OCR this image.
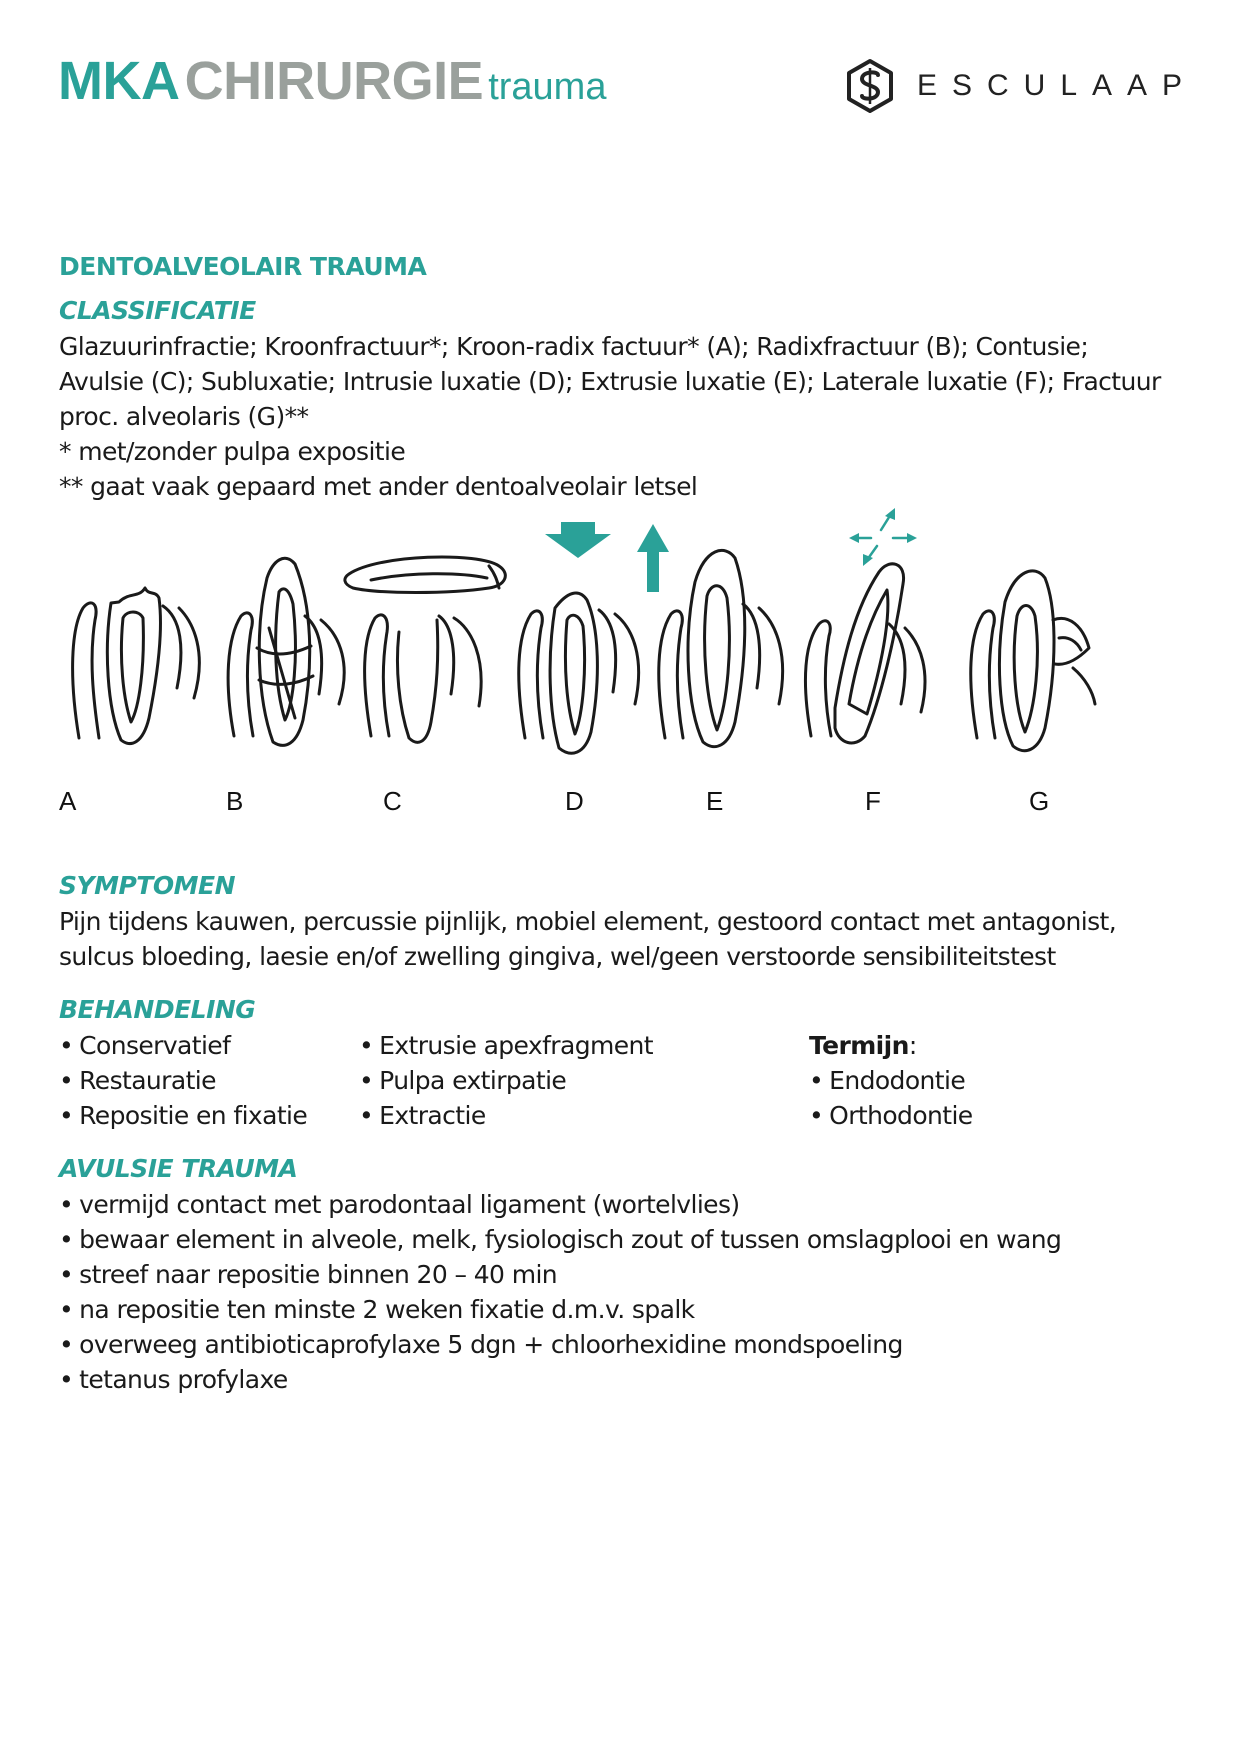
MKA CHIRURGIE trauma	ESCULAAP
DENTOALVEOLAIR TRAUMA
CLASSIFICATIE
Glazuurinfractie; Kroonfractuur*; Kroon-radix factuur* (A); Radixfractuur (B); Contusie;
Avulsie (C); Subluxatie; Intrusie luxatie (D); Extrusie luxatie (E); Laterale luxatie (F); Fractuur
proc. alveolaris (G)**
* met/zonder pulpa expositie
** gaat vaak gepaard met ander dentoalveolair letsel
A	B	C	D	E	F	G
SYMPTOMEN
Pijn tijdens kauwen, percussie pijnlijk, mobiel element, gestoord contact met antagonist,
sulcus bloeding, laesie en/of zwelling gingiva, wel/geen verstoorde sensibiliteitstest
BEHANDELING
• Conservatief
• Restauratie
• Repositie en fixatie
• Extrusie apexfragment
• Pulpa extirpatie
• Extractie
Termijn:
• Endodontie
• Orthodontie
AVULSIE TRAUMA
• vermijd contact met parodontaal ligament (wortelvlies)
• bewaar element in alveole, melk, fysiologisch zout of tussen omslagplooi en wang
• streef naar repositie binnen 20 – 40 min
• na repositie ten minste 2 weken fixatie d.m.v. spalk
• overweeg antibioticaprofylaxe 5 dgn + chloorhexidine mondspoeling
• tetanus profylaxe
